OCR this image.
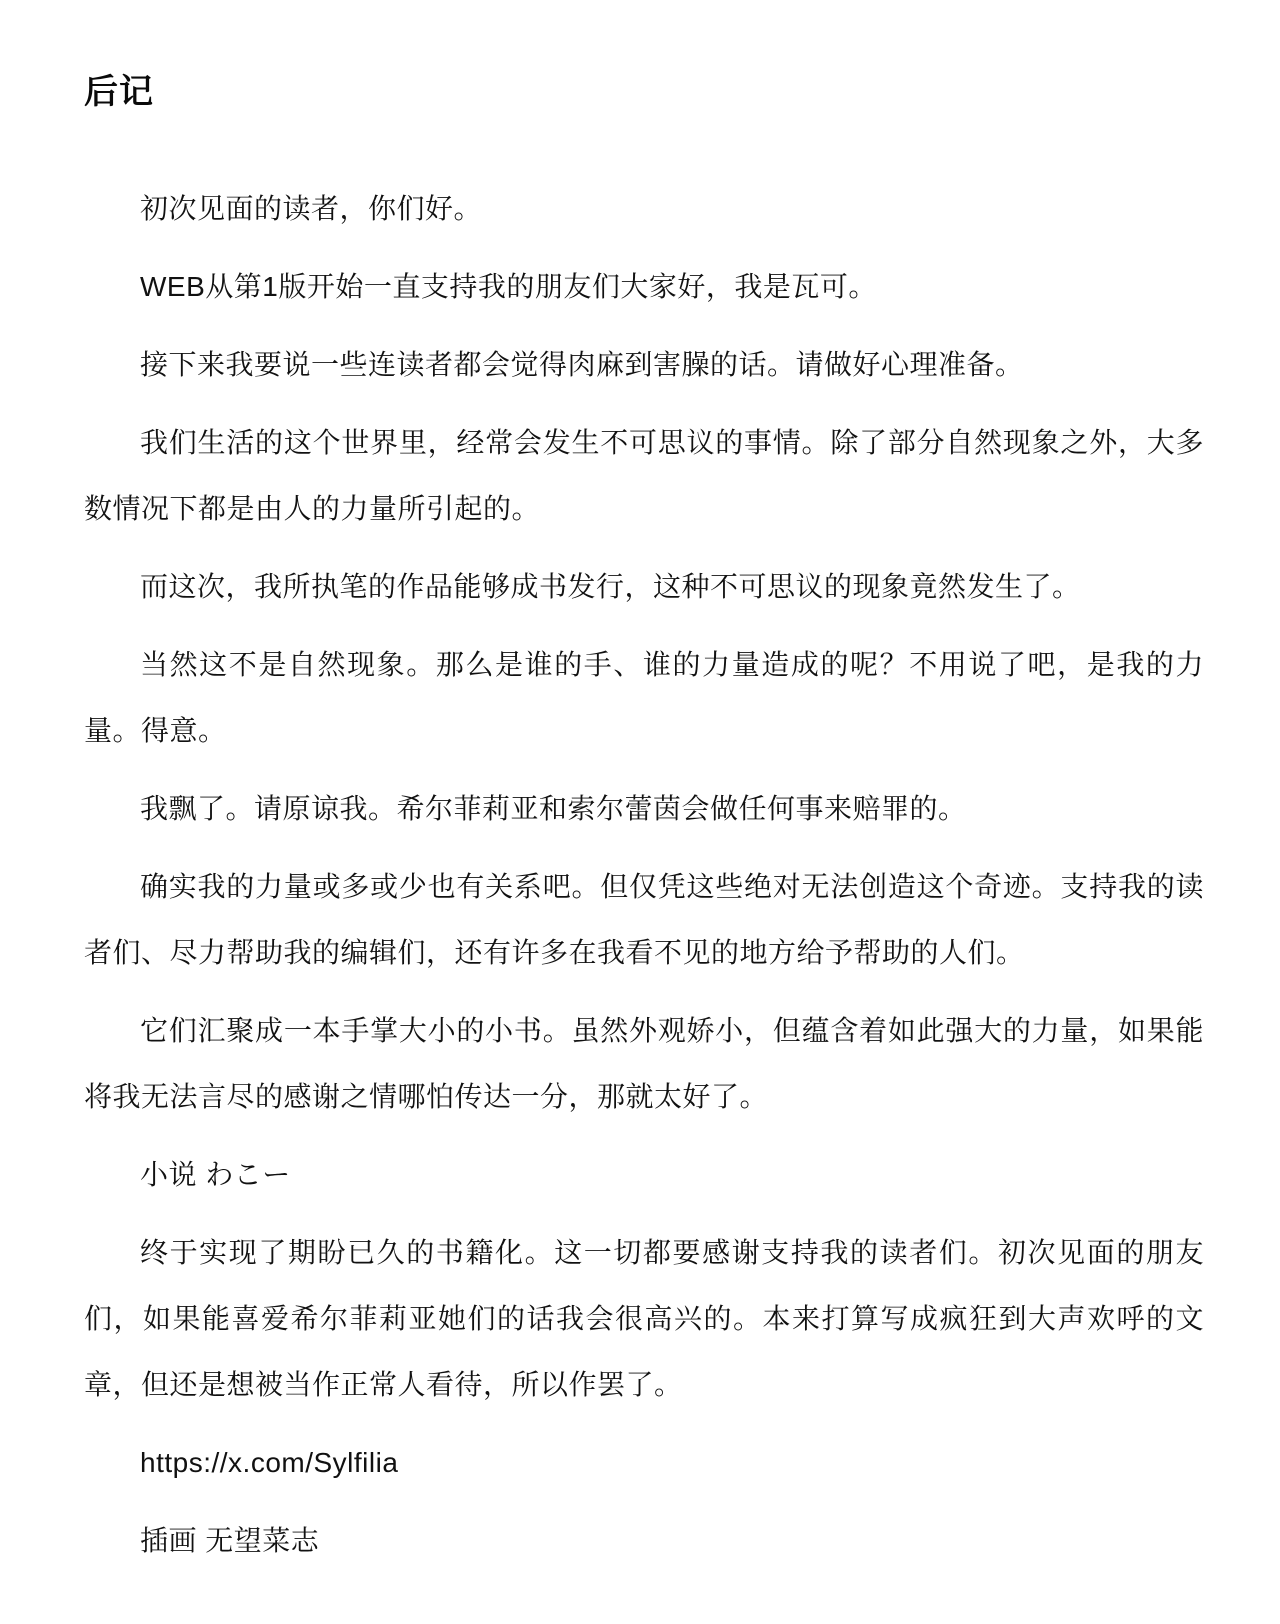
后记

初次见面的读者，你们好。

WEB从第1版开始一直支持我的朋友们大家好，我是瓦可。

接下来我要说一些连读者都会觉得肉麻到害臊的话。请做好心理准备。

我们生活的这个世界里，经常会发生不可思议的事情。除了部分自然现象之外，大多数情况下都是由人的力量所引起的。

而这次，我所执笔的作品能够成书发行，这种不可思议的现象竟然发生了。

当然这不是自然现象。那么是谁的手、谁的力量造成的呢？不用说了吧，是我的力量。得意。

我飘了。请原谅我。希尔菲莉亚和索尔蕾茵会做任何事来赔罪的。

确实我的力量或多或少也有关系吧。但仅凭这些绝对无法创造这个奇迹。支持我的读者们、尽力帮助我的编辑们，还有许多在我看不见的地方给予帮助的人们。

它们汇聚成一本手掌大小的小书。虽然外观娇小，但蕴含着如此强大的力量，如果能将我无法言尽的感谢之情哪怕传达一分，那就太好了。

小说 わこー

终于实现了期盼已久的书籍化。这一切都要感谢支持我的读者们。初次见面的朋友们，如果能喜爱希尔菲莉亚她们的话我会很高兴的。本来打算写成疯狂到大声欢呼的文章，但还是想被当作正常人看待，所以作罢了。

https://x.com/Sylfilia

插画 无望菜志
